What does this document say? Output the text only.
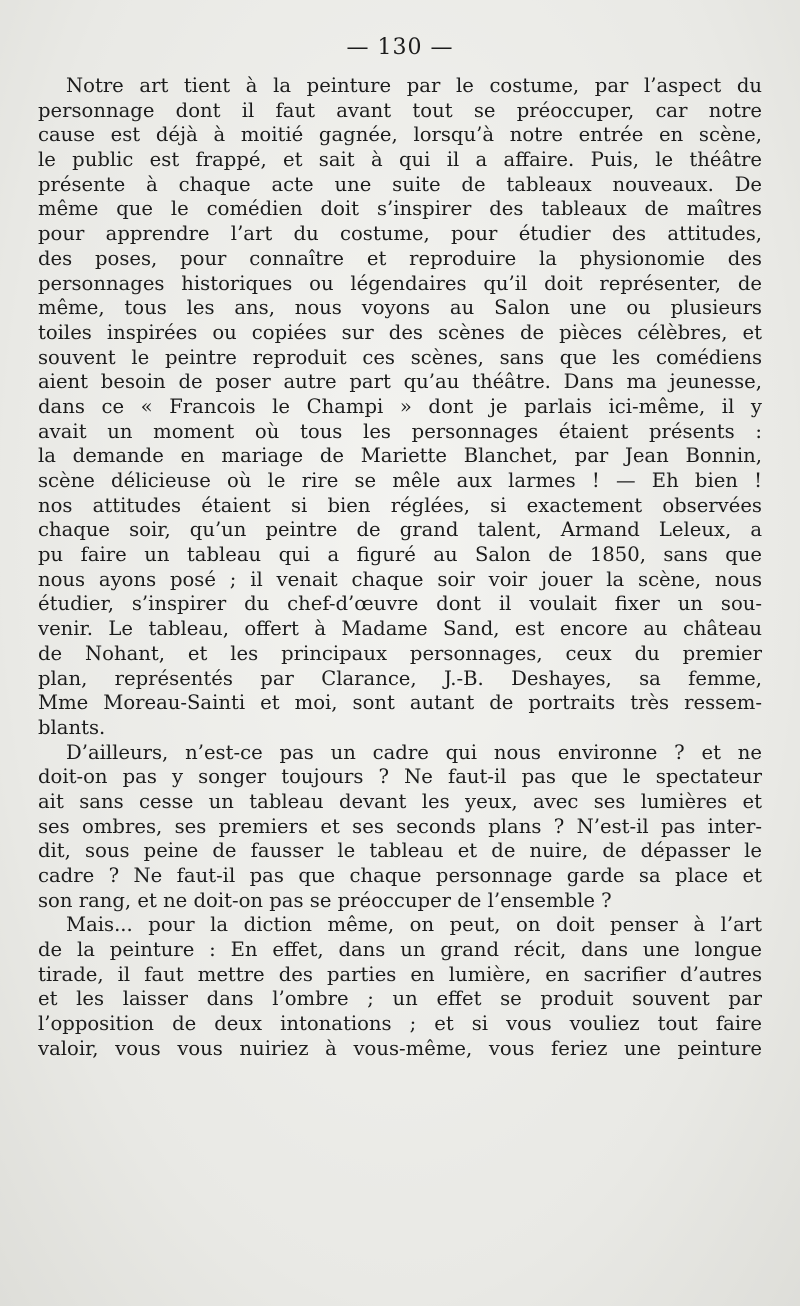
— 130 —
Notre art tient à la peinture par le costume, par l’aspect du
personnage dont il faut avant tout se préoccuper, car notre
cause est déjà à moitié gagnée, lorsqu’à notre entrée en scène,
le public est frappé, et sait à qui il a affaire. Puis, le théâtre
présente à chaque acte une suite de tableaux nouveaux. De
même que le comédien doit s’inspirer des tableaux de maîtres
pour apprendre l’art du costume, pour étudier des attitudes,
des poses, pour connaître et reproduire la physionomie des
personnages historiques ou légendaires qu’il doit représenter, de
même, tous les ans, nous voyons au Salon une ou plusieurs
toiles inspirées ou copiées sur des scènes de pièces célèbres, et
souvent le peintre reproduit ces scènes, sans que les comédiens
aient besoin de poser autre part qu’au théâtre. Dans ma jeunesse,
dans ce « Francois le Champi » dont je parlais ici-même, il y
avait un moment où tous les personnages étaient présents :
la demande en mariage de Mariette Blanchet, par Jean Bonnin,
scène délicieuse où le rire se mêle aux larmes ! — Eh bien !
nos attitudes étaient si bien réglées, si exactement observées
chaque soir, qu’un peintre de grand talent, Armand Leleux, a
pu faire un tableau qui a figuré au Salon de 1850, sans que
nous ayons posé ; il venait chaque soir voir jouer la scène, nous
étudier, s’inspirer du chef-d’œuvre dont il voulait fixer un sou-
venir. Le tableau, offert à Madame Sand, est encore au château
de Nohant, et les principaux personnages, ceux du premier
plan, représentés par Clarance, J.-B. Deshayes, sa femme,
Mme Moreau-Sainti et moi, sont autant de portraits très ressem-
blants.
D’ailleurs, n’est-ce pas un cadre qui nous environne ? et ne
doit-on pas y songer toujours ? Ne faut-il pas que le spectateur
ait sans cesse un tableau devant les yeux, avec ses lumières et
ses ombres, ses premiers et ses seconds plans ? N’est-il pas inter-
dit, sous peine de fausser le tableau et de nuire, de dépasser le
cadre ? Ne faut-il pas que chaque personnage garde sa place et
son rang, et ne doit-on pas se préoccuper de l’ensemble ?
Mais... pour la diction même, on peut, on doit penser à l’art
de la peinture : En effet, dans un grand récit, dans une longue
tirade, il faut mettre des parties en lumière, en sacrifier d’autres
et les laisser dans l’ombre ; un effet se produit souvent par
l’opposition de deux intonations ; et si vous vouliez tout faire
valoir, vous vous nuiriez à vous-même, vous feriez une peinture
